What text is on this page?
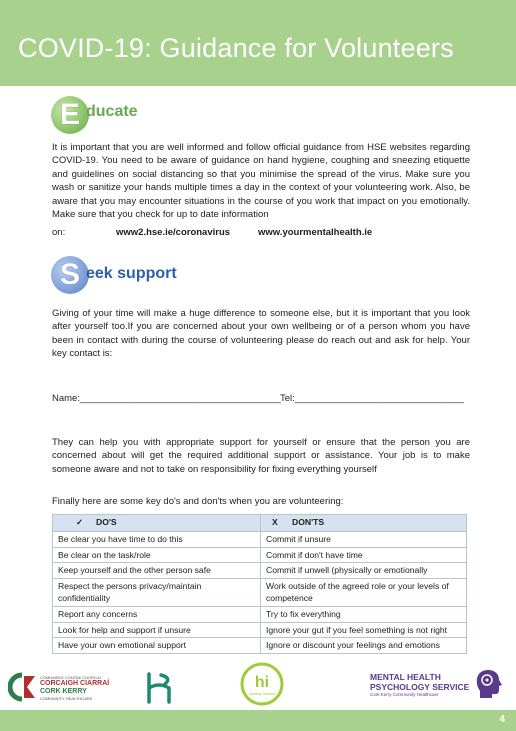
COVID-19: Guidance for Volunteers
E ducate
It is important that you are well informed and follow official guidance from HSE websites regarding COVID-19. You need to be aware of guidance on hand hygiene, coughing and sneezing etiquette and guidelines on social distancing so that you minimise the spread of the virus. Make sure you wash or sanitize your hands multiple times a day in the context of your volunteering work. Also, be aware that you may encounter situations in the course of you work that impact on you emotionally. Make sure that you check for up to date information
on:	www2.hse.ie/coronavirus	www.yourmentalhealth.ie
S eek support
Giving of your time will make a huge difference to someone else, but it is important that you look after yourself too.If you are concerned about your own wellbeing or of a person whom you have been in contact with during the course of volunteering please do reach out and ask for help. Your key contact is:
Name:______________________________________ Tel:________________________________
They can help you with appropriate support for yourself or ensure that the person you are concerned about will get the required additional support or assistance. Your job is to make someone aware and not to take on responsibility for fixing everything yourself
Finally here are some key do's and don'ts when you are volunteering:
✓ DO'S	X DON'TS
Be clear you have time to do this	Commit if unsure
Be clear on the task/role	Commit if don't have time
Keep yourself and the other person safe	Commit if unwell (physically or emotionally
Respect the persons privacy/maintain confidentiality	Work outside of the agreed role or your levels of competence
Report any concerns	Try to fix everything
Look for help and support if unsure	Ignore your gut if you feel something is not right
Have your own emotional support	Ignore or discount your feelings and emotions
COMHAIRLE CONTAE CHORCAÍ
CORCAIGH CIARRAÍ
CORK KERRY
COMMUNITY HEALTHCARE
hi
healthy ireland
MENTAL HEALTH
PSYCHOLOGY SERVICE
Cork Kerry Community Healthcare
4
